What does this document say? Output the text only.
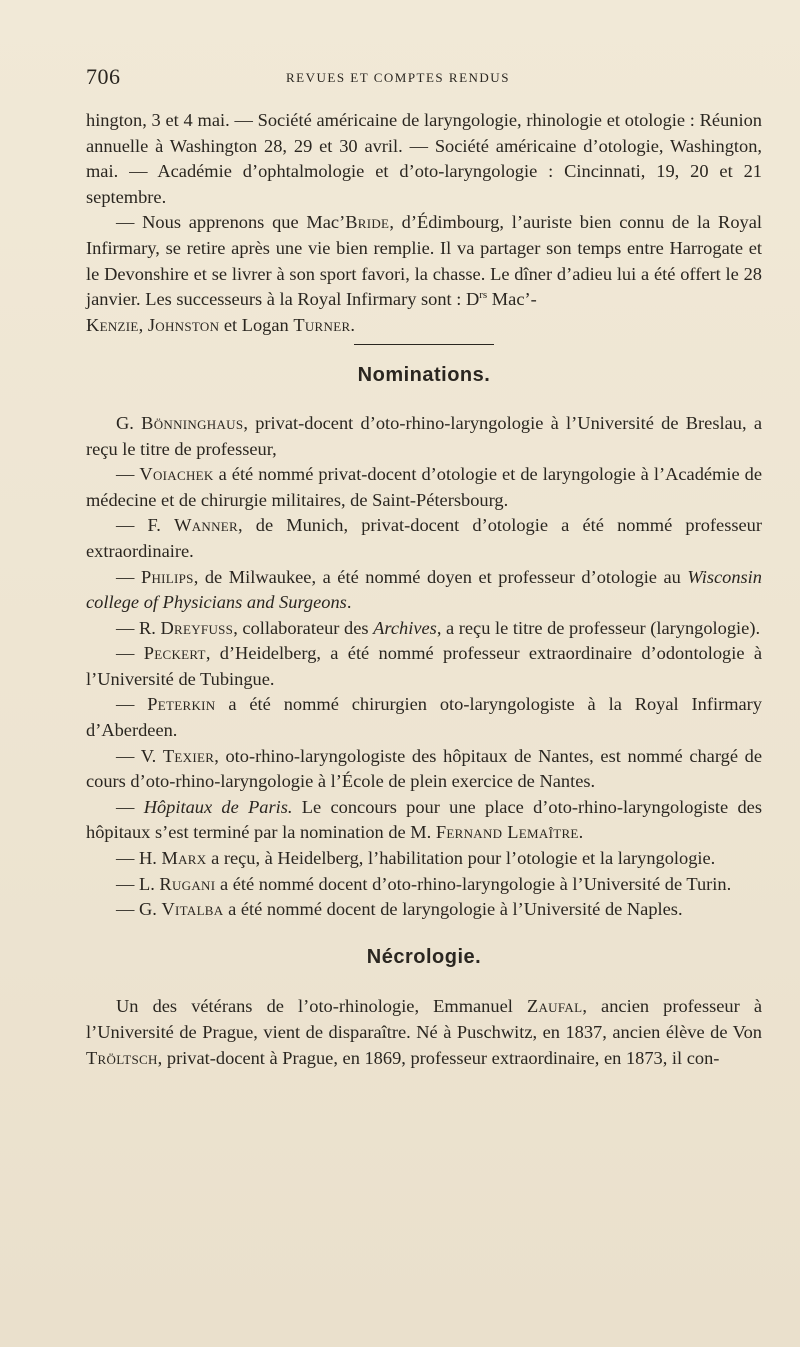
706	REVUES ET COMPTES RENDUS

hington, 3 et 4 mai. — Société américaine de laryngologie, rhinologie et otologie : Réunion annuelle à Washington 28, 29 et 30 avril. — Société américaine d’otologie, Washington, mai. — Académie d’ophtalmologie et d’oto-laryngologie : Cincinnati, 19, 20 et 21 septembre.

— Nous apprenons que Mac’Bride, d’Édimbourg, l’auriste bien connu de la Royal Infirmary, se retire après une vie bien remplie. Il va partager son temps entre Harrogate et le Devonshire et se livrer à son sport favori, la chasse. Le dîner d’adieu lui a été offert le 28 janvier. Les successeurs à la Royal Infirmary sont : $D^{rs}$ Mac’-
Kenzie, Johnston et Logan Turner.

Nominations.

G. Bönninghaus, privat-docent d’oto-rhino-laryngologie à l’Université de Breslau, a reçu le titre de professeur,

— Voiachek a été nommé privat-docent d’otologie et de laryngologie à l’Académie de médecine et de chirurgie militaires, de Saint-Pétersbourg.

— F. Wanner, de Munich, privat-docent d’otologie a été nommé professeur extraordinaire.

— Philips, de Milwaukee, a été nommé doyen et professeur d’otologie au Wisconsin college of Physicians and Surgeons.

— R. Dreyfuss, collaborateur des Archives, a reçu le titre de professeur (laryngologie).

— Peckert, d’Heidelberg, a été nommé professeur extraordinaire d’odontologie à l’Université de Tubingue.

— Peterkin a été nommé chirurgien oto-laryngologiste à la Royal Infirmary d’Aberdeen.

— V. Texier, oto-rhino-laryngologiste des hôpitaux de Nantes, est nommé chargé de cours d’oto-rhino-laryngologie à l’École de plein exercice de Nantes.

— Hôpitaux de Paris. Le concours pour une place d’oto-rhino-laryngologiste des hôpitaux s’est terminé par la nomination de M. Fernand Lemaître.

— H. Marx a reçu, à Heidelberg, l’habilitation pour l’otologie et la laryngologie.

— L. Rugani a été nommé docent d’oto-rhino-laryngologie à l’Université de Turin.

— G. Vitalba a été nommé docent de laryngologie à l’Université de Naples.

Nécrologie.

Un des vétérans de l’oto-rhinologie, Emmanuel Zaufal, ancien professeur à l’Université de Prague, vient de disparaître. Né à Puschwitz, en 1837, ancien élève de Von Tröltsch, privat-docent à Prague, en 1869, professeur extraordinaire, en 1873, il con-
